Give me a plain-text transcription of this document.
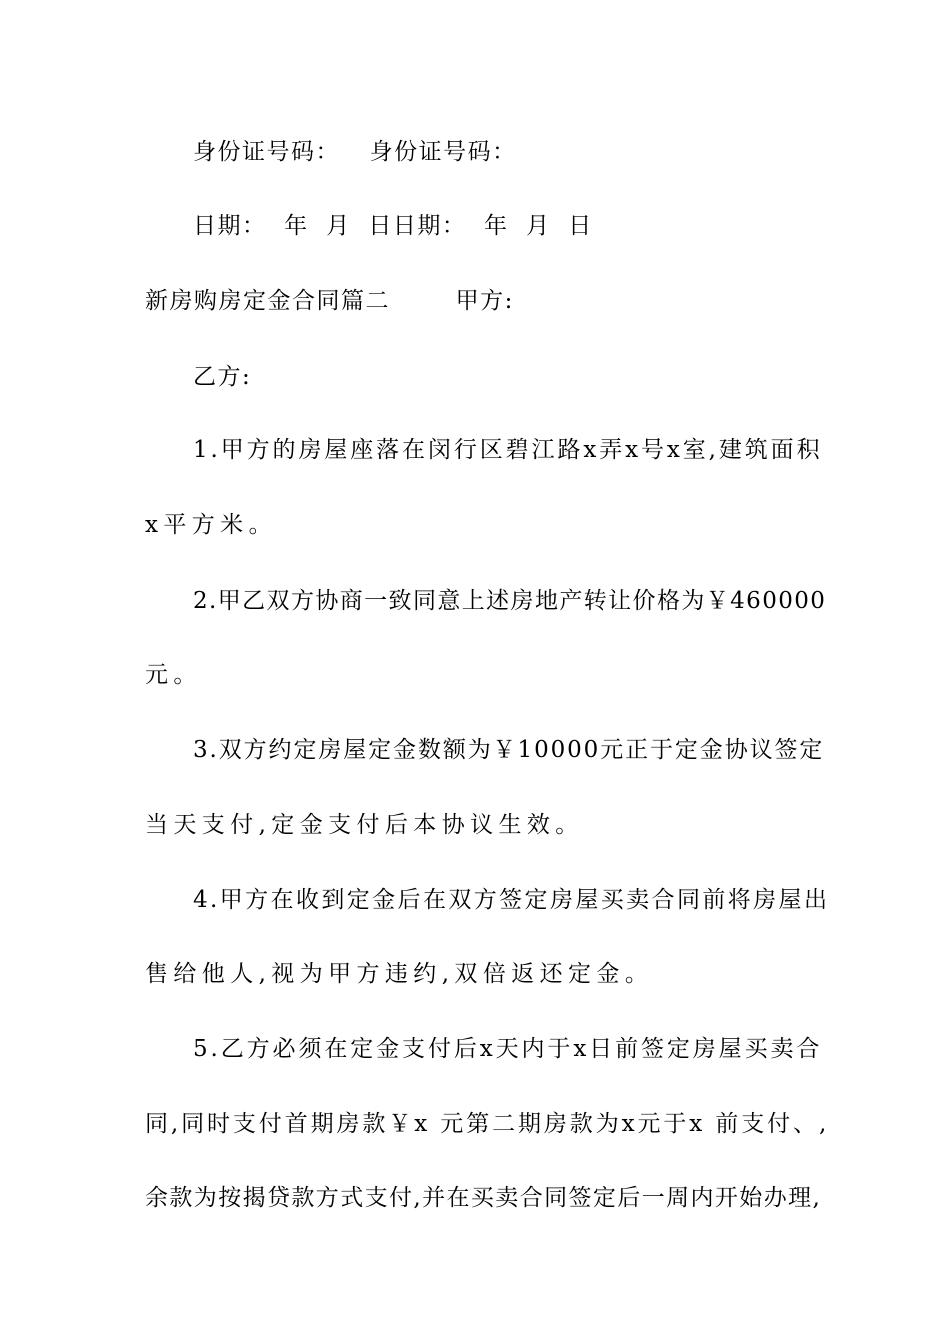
身份证号码： 身份证号码：
日期：  年  月  日日期：  年  月  日
新房购房定金合同篇二	甲方:
乙方:
1.甲方的房屋座落在闵行区碧江路x弄x号x室,建筑面积
x平方米。
2.甲乙双方协商一致同意上述房地产转让价格为￥460000
元。
3.双方约定房屋定金数额为￥10000元正于定金协议签定
当天支付,定金支付后本协议生效。
4.甲方在收到定金后在双方签定房屋买卖合同前将房屋出
售给他人,视为甲方违约,双倍返还定金。
5.乙方必须在定金支付后x天内于x日前签定房屋买卖合
同,同时支付首期房款￥x 元第二期房款为x元于x 前支付、,
余款为按揭贷款方式支付,并在买卖合同签定后一周内开始办理,
